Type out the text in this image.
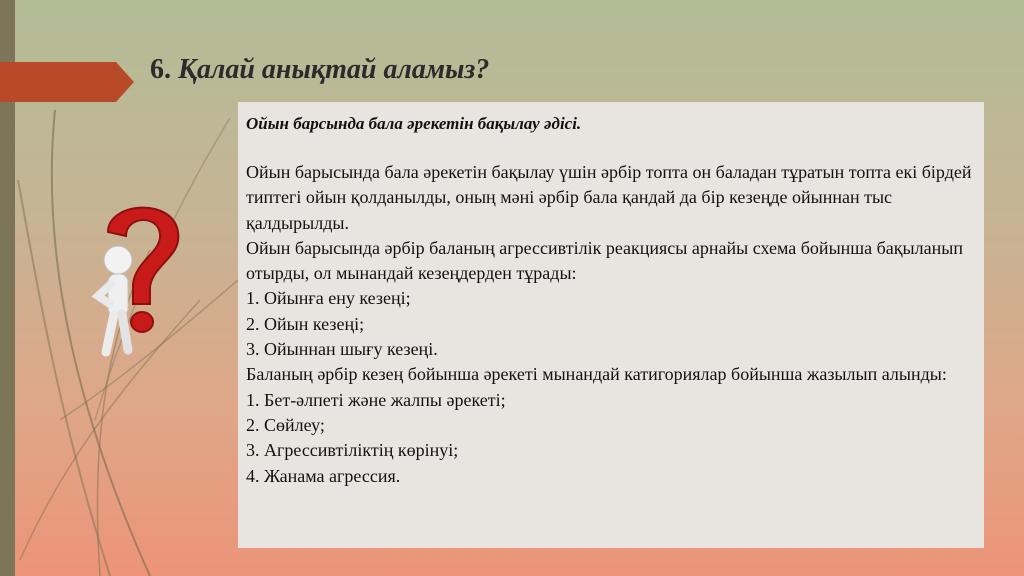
6. Қалай анықтай аламыз?

Ойын барсында бала әрекетін бақылау әдісі.

Ойын барысында бала әрекетін бақылау үшін әрбір топта он баладан тұратын топта екі бірдей типтегі ойын қолданылды, оның мәні әрбір бала қандай да бір кезеңде ойыннан тыс қалдырылды.

Ойын барысында әрбір баланың агрессивтілік реакциясы арнайы схема бойынша бақыланып отырды, ол мынандай кезеңдерден тұрады:

1. Ойынға ену кезеңі;

2. Ойын кезеңі;

3. Ойыннан шығу кезеңі.

Баланың әрбір кезең бойынша әрекеті мынандай катигориялар бойынша жазылып алынды:

1. Бет-әлпеті және жалпы әрекеті;

2. Сөйлеу;

3. Агрессивтіліктің көрінуі;

4. Жанама агрессия.
